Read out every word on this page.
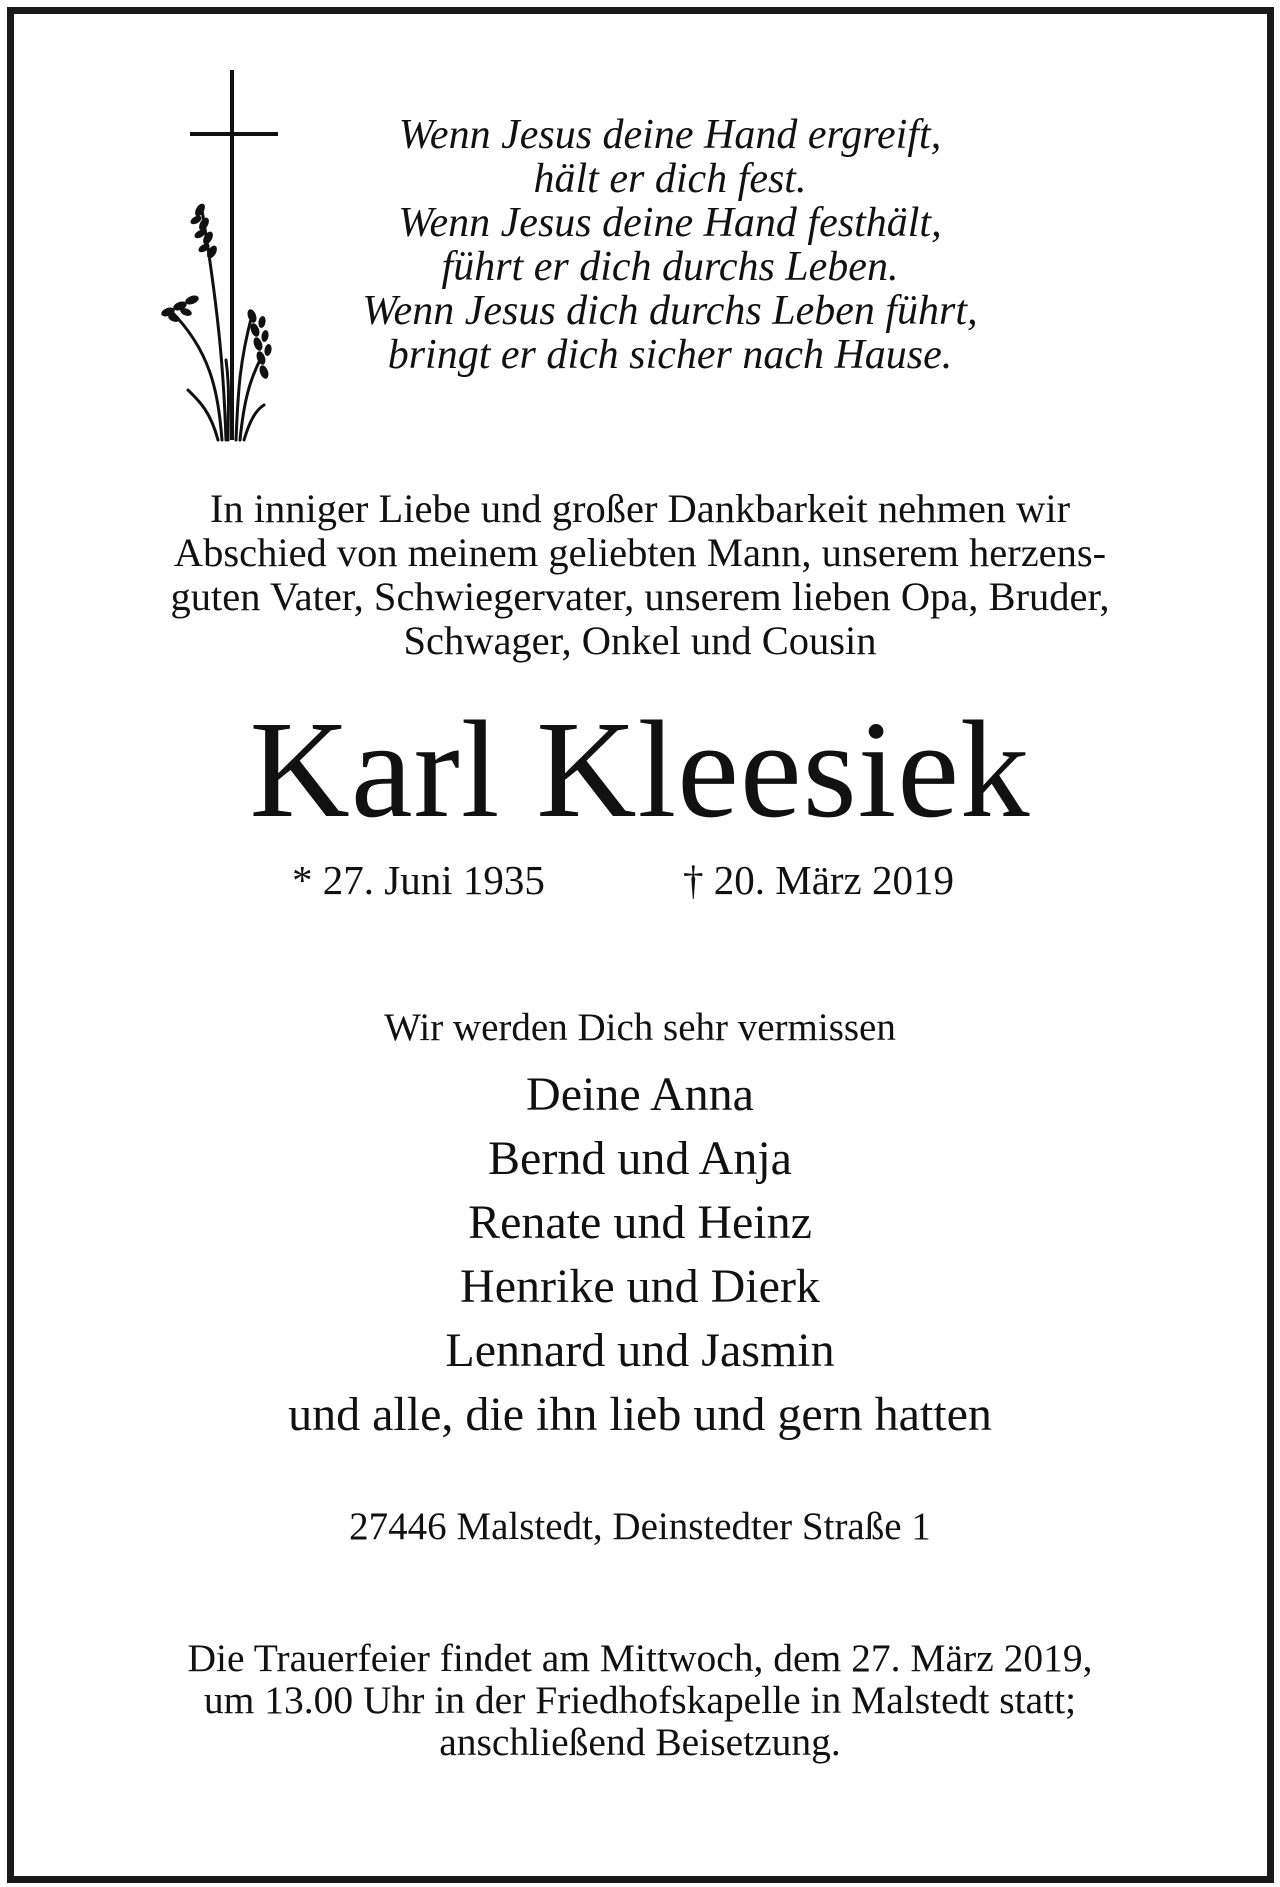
Wenn Jesus deine Hand ergreift,
hält er dich fest.
Wenn Jesus deine Hand festhält,
führt er dich durchs Leben.
Wenn Jesus dich durchs Leben führt,
bringt er dich sicher nach Hause.
In inniger Liebe und großer Dankbarkeit nehmen wir
Abschied von meinem geliebten Mann, unserem herzens-
guten Vater, Schwiegervater, unserem lieben Opa, Bruder,
Schwager, Onkel und Cousin
Karl Kleesiek
* 27. Juni 1935	† 20. März 2019
Wir werden Dich sehr vermissen
Deine Anna
Bernd und Anja
Renate und Heinz
Henrike und Dierk
Lennard und Jasmin
und alle, die ihn lieb und gern hatten
27446 Malstedt, Deinstedter Straße 1
Die Trauerfeier findet am Mittwoch, dem 27. März 2019,
um 13.00 Uhr in der Friedhofskapelle in Malstedt statt;
anschließend Beisetzung.
